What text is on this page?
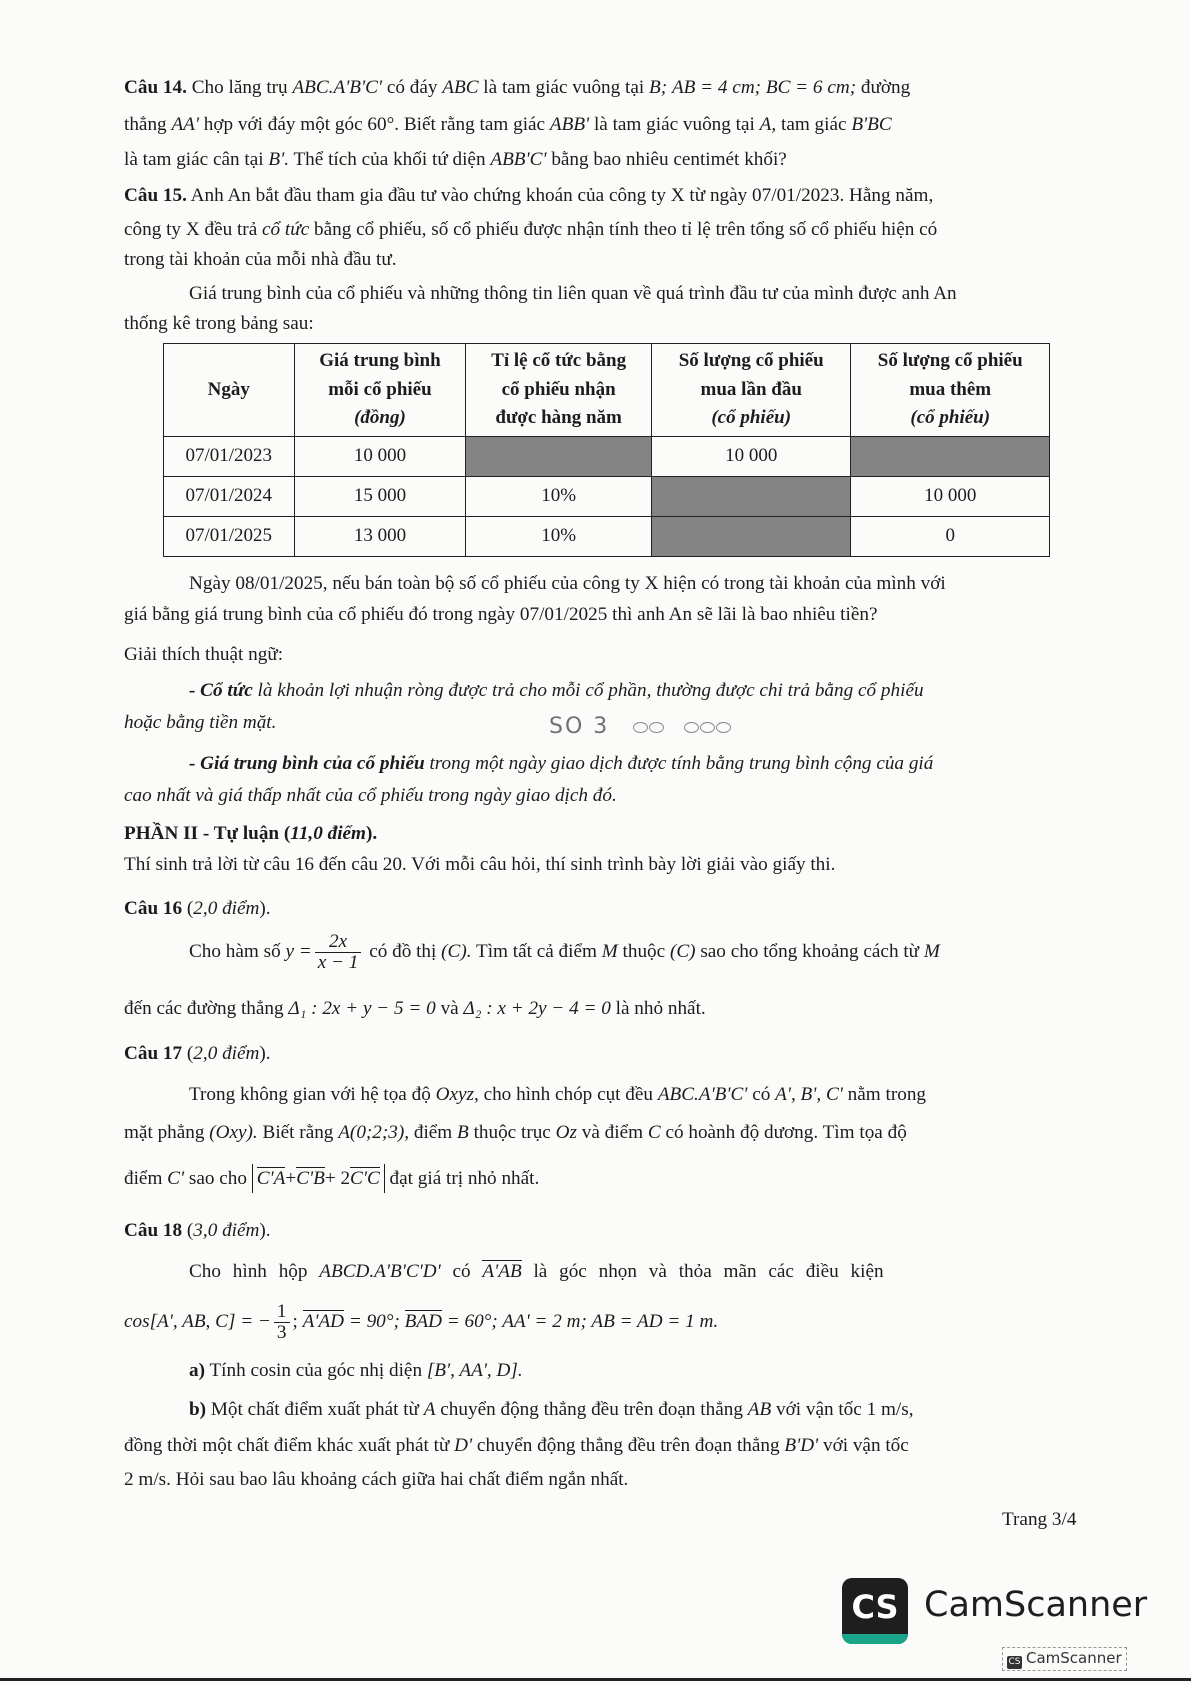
Câu 14. Cho lăng trụ ABC.A'B'C' có đáy ABC là tam giác vuông tại B; AB = 4 cm; BC = 6 cm; đường
thẳng AA' hợp với đáy một góc 60°. Biết rằng tam giác ABB' là tam giác vuông tại A, tam giác B'BC
là tam giác cân tại B'. Thể tích của khối tứ diện ABB'C' bằng bao nhiêu centimét khối?
Câu 15. Anh An bắt đầu tham gia đầu tư vào chứng khoán của công ty X từ ngày 07/01/2023. Hằng năm,
công ty X đều trả cổ tức bằng cổ phiếu, số cổ phiếu được nhận tính theo tỉ lệ trên tổng số cổ phiếu hiện có
trong tài khoản của mỗi nhà đầu tư.
Giá trung bình của cổ phiếu và những thông tin liên quan về quá trình đầu tư của mình được anh An
thống kê trong bảng sau:
Ngày	Giá trung bình
mỗi cổ phiếu
(đồng)	Tỉ lệ cổ tức bằng
cổ phiếu nhận
được hàng năm	Số lượng cổ phiếu
mua lần đầu
(cổ phiếu)	Số lượng cổ phiếu
mua thêm
(cổ phiếu)
07/01/2023	10 000		10 000	
07/01/2024	15 000	10%		10 000
07/01/2025	13 000	10%		0
Ngày 08/01/2025, nếu bán toàn bộ số cổ phiếu của công ty X hiện có trong tài khoản của mình với
giá bằng giá trung bình của cổ phiếu đó trong ngày 07/01/2025 thì anh An sẽ lãi là bao nhiêu tiền?
Giải thích thuật ngữ:
- Cổ tức là khoản lợi nhuận ròng được trả cho mỗi cổ phần, thường được chi trả bằng cổ phiếu
hoặc bằng tiền mặt.	SO 3
- Giá trung bình của cổ phiếu trong một ngày giao dịch được tính bằng trung bình cộng của giá
cao nhất và giá thấp nhất của cổ phiếu trong ngày giao dịch đó.
PHẦN II - Tự luận (11,0 điểm).
Thí sinh trả lời từ câu 16 đến câu 20. Với mỗi câu hỏi, thí sinh trình bày lời giải vào giấy thi.
Câu 16 (2,0 điểm).
Cho hàm số $y = \frac{2x}{x - 1}$ có đồ thị (C). Tìm tất cả điểm M thuộc (C) sao cho tổng khoảng cách từ M
đến các đường thẳng Δ₁ : 2x + y − 5 = 0 và Δ₂ : x + 2y − 4 = 0 là nhỏ nhất.
Câu 17 (2,0 điểm).
Trong không gian với hệ tọa độ Oxyz, cho hình chóp cụt đều ABC.A'B'C' có A', B', C' nằm trong
mặt phẳng (Oxy). Biết rằng A(0;2;3), điểm B thuộc trục Oz và điểm C có hoành độ dương. Tìm tọa độ
điểm C' sao cho C'A+C'B+ 2C'C đạt giá trị nhỏ nhất.
Câu 18 (3,0 điểm).
Cho hình hộp ABCD.A'B'C'D' có A'AB là góc nhọn và thỏa mãn các điều kiện
cos[A', AB, C] = − $\frac{1}{3}$ ; A'AD = 90°; BAD = 60°; AA' = 2 m; AB = AD = 1 m.
a) Tính cosin của góc nhị diện [B', AA', D].
b) Một chất điểm xuất phát từ A chuyển động thẳng đều trên đoạn thẳng AB với vận tốc 1 m/s,
đồng thời một chất điểm khác xuất phát từ D' chuyển động thẳng đều trên đoạn thẳng B'D' với vận tốc
2 m/s. Hỏi sau bao lâu khoảng cách giữa hai chất điểm ngắn nhất.
Trang 3/4
CS CamScanner
CS CamScanner
